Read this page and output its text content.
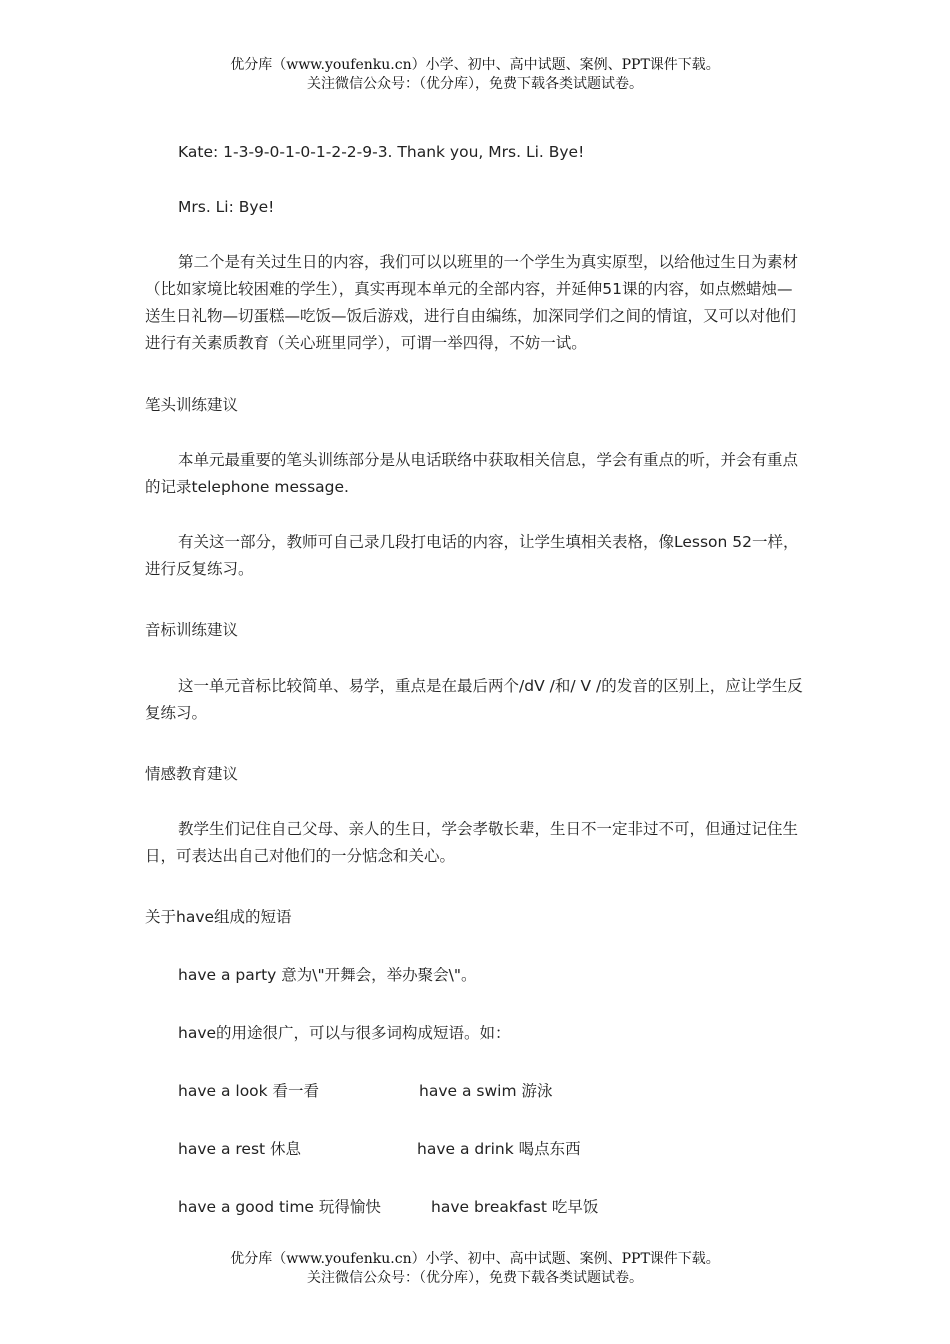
优分库（www.youfenku.cn）小学、初中、高中试题、案例、PPT课件下载。
关注微信公众号：（优分库），免费下载各类试题试卷。
Kate: 1-3-9-0-1-0-1-2-2-9-3. Thank you, Mrs. Li. Bye!
Mrs. Li: Bye!
第二个是有关过生日的内容，我们可以以班里的一个学生为真实原型，以给他过生日为素材（比如家境比较困难的学生），真实再现本单元的全部内容，并延伸51课的内容，如点燃蜡烛—送生日礼物—切蛋糕—吃饭—饭后游戏，进行自由编练，加深同学们之间的情谊，又可以对他们进行有关素质教育（关心班里同学），可谓一举四得，不妨一试。
笔头训练建议
本单元最重要的笔头训练部分是从电话联络中获取相关信息，学会有重点的听，并会有重点的记录telephone message.
有关这一部分，教师可自己录几段打电话的内容，让学生填相关表格，像Lesson 52一样，进行反复练习。
音标训练建议
这一单元音标比较简单、易学，重点是在最后两个/dV /和/ V /的发音的区别上，应让学生反复练习。
情感教育建议
教学生们记住自己父母、亲人的生日，学会孝敬长辈，生日不一定非过不可，但通过记住生日，可表达出自己对他们的一分惦念和关心。
关于have组成的短语
have a party 意为\"开舞会，举办聚会\"。
have的用途很广，可以与很多词构成短语。如：
have a look 看一看	have a swim 游泳
have a rest 休息	have a drink 喝点东西
have a good time 玩得愉快	have breakfast 吃早饭
优分库（www.youfenku.cn）小学、初中、高中试题、案例、PPT课件下载。
关注微信公众号：（优分库），免费下载各类试题试卷。
